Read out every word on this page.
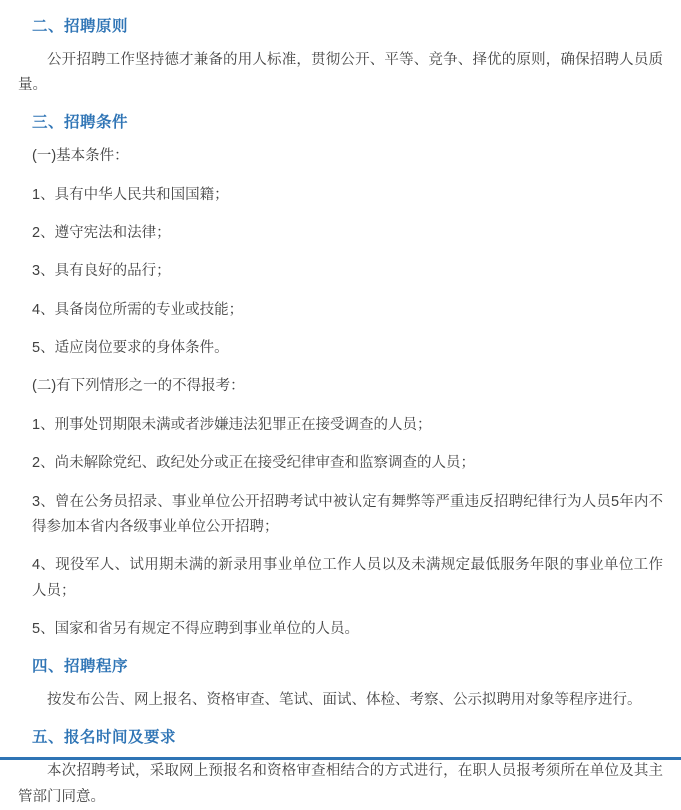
二、招聘原则

公开招聘工作坚持德才兼备的用人标准，贯彻公开、平等、竞争、择优的原则，确保招聘人员质量。

三、招聘条件

(一)基本条件：

1、具有中华人民共和国国籍；

2、遵守宪法和法律；

3、具有良好的品行；

4、具备岗位所需的专业或技能；

5、适应岗位要求的身体条件。

(二)有下列情形之一的不得报考：

1、刑事处罚期限未满或者涉嫌违法犯罪正在接受调查的人员；

2、尚未解除党纪、政纪处分或正在接受纪律审查和监察调查的人员；

3、曾在公务员招录、事业单位公开招聘考试中被认定有舞弊等严重违反招聘纪律行为人员5年内不得参加本省内各级事业单位公开招聘；

4、现役军人、试用期未满的新录用事业单位工作人员以及未满规定最低服务年限的事业单位工作人员；

5、国家和省另有规定不得应聘到事业单位的人员。

四、招聘程序

按发布公告、网上报名、资格审查、笔试、面试、体检、考察、公示拟聘用对象等程序进行。

五、报名时间及要求

本次招聘考试，采取网上预报名和资格审查相结合的方式进行，在职人员报考须所在单位及其主管部门同意。
